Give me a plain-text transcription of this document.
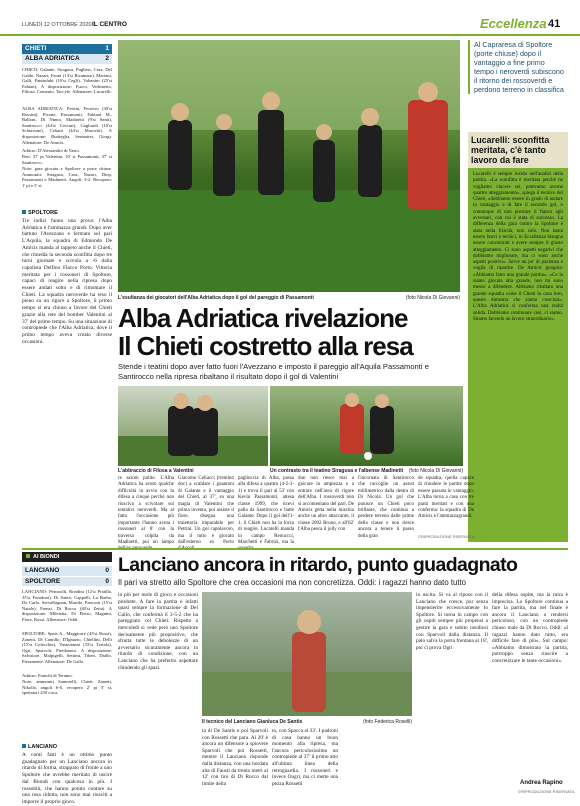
LUNEDÌ 12 OTTOBRE 2020 IL CENTRO	Eccellenza 41
CHIETI	1
ALBA ADRIATICA	2
CHIETI: Galante, Siragusa, Pugliesi, Cruz, Del Galdo, Nazari, Faoni (13'st Ricamato), Mariani, Galli, Fantinfabi (10'st Cegli), Valentini (25'st Fabian), A disposizione: Fusco, Vedrinetto, Filiosa, Comento, Taccyle. Allenatore: Lucarelli.
ALBA ADRIATICA: Petrini, Ferreiro (30'st Rossini), Picone, Passamonti, Fabiani M., Balloni, Di Ninno, Madinetti (9'st Santi), Santirocco (44'st Cescuti), Gagliardi (10'st Schiavone), Celiani (44'st Mascetti). A disposizione: Buttieglia, Sermattei, Giorgi. Allenatore: De Amicis.
Arbitro: D'Alessandro di Vasto.
Reti: 37' pt Valentini, 10' st Passamonti, 37' st Santirocco.
Note: gara giocata a Spoltore a porte chiuse. Ammoniti: Siragusa, Cruz, Nazari, Diop, Passamonti e Madinetti. Angoli: 3-2. Recupero: 1' pt e 5' st.
SPOLTORE
Tre indizi fanno una prova: l'Alba Adriatica è l'ammazza grandi. Dopo aver battuto l'Avezzano e fermato sul pari L'Aquila, la squadra di Edmondo De Amicis manda al tappeto anche il Chieti, che rimedia la seconda sconfitta dopo tre turni giornate e scivola a -6 dalla capolista Delfino Flacco Porto. Vittoria meritata per i rossoneri di Spoltore, capaci di reagire nella ripresa dopo essere andati sotto e di rimontare il Chieti. La squadra neroverde ha reso il pieno su un rigore a Spoltore, il primo tempo si era chiuso a favore del Chieti grazie alla rete del bomber Valentini al 37' del primo tempo. Su una situazione di contropiede che l'Alba Adriatica, dove il primo tempo aveva creato diverse occasioni.
L'esultanza dei giocatori dell'Alba Adriatica dopo il gol del pareggio di Passamonti	(foto Nicola Di Giovanni)
Al Capraresa di Spoltore (porte chiuse) dopo il vantaggio a fine primo tempo i neroverdi subiscono il ritorno dei rossoverdi e perdono terreno in classifica
Lucarelli: sconfitta meritata, c'è tanto lavoro da fare
Lucarelli è sempre lucido nell'analisi della partita. «La sconfitta è meritata perché ne vogliamo vincere sei, potevamo averne quattro atteggiamento», spiega il tecnico del Chieti, «dobbiamo essere in grado di andare in vantaggio e di fare il secondo gol, o comunque di non prestare il fianco agli avversari, con cui è stata di successo. La differenza della gara contro la Spoltore è stata nella fisicità, non solo. Non basta essere bravi e tecnici, in Eccellenza bisogna essere concentrati e avere sempre il giusto atteggiamento. Ci sono aspetti negativi che dobbiamo migliorare, ma ci sono anche aspetti positivi». Serve un po' di pazienza e voglia di ripartire. De Amicis gongola: «Abbiamo fatto una grande partita». «Ce la siamo giocata alla grande, non mi sono messo a difendere. Abbiamo ribaltato una grande squadra come il Chieti in casa loro, questo dimostra che siamo cresciuti». L'Alba Adriatica si conferma una realtà solida. Dobbiamo continuare così, ci siamo. Stiamo facendo un lavoro straordinario».
Alba Adriatica rivelazione
Il Chieti costretto alla resa
Stende i teatini dopo aver fatto fuori l'Avezzano e imposto il pareggio all'Aquila Passamonti e Santirocco nella ripresa ribaltano il risultato dopo il gol di Valentini
L'abbraccio di Filosa a Valentini	Un contrasto tra il teatino Siragusa e l'albense Madinetti (foto Nicola Di Giovanni)
re azioni pulite. L'Alba Adriatica ha avuto qualche difficoltà in avvio con la difesa a cinque perché non riusciva a scivolare sui tentativi neroverdi. Ma al fatto l'occasione più importante l'hanno avuta i rossoneri al 8' con la traversa colpita da Madinetti, poi un lampo
Giacomo Celiacci (trentino doc) a scaldare i guantoni di Galante e il vantaggio del Chieti, al 37', su una magia di Valentini che prima inventa, poi assiste il fiore, disegna una traiettoria imparabile per Petrini. Un gol capolavoro, ma il tutto è giocato dall'esterno ex Porto
pagliuccia di Alba, passa alla difesa a quattro (4-2-3-1) e trova il pari al 53' con Kevin Passamonti, attesa classe 1999, che ricevi palla da Santirocco e batte Galante. Dopo il gol dell'1-1, il Chieti non ha la forza di reagire. Lucarelli manda in campo Renuccci, Marchetti e Fabrizi, ma la
dun non riesce mai a giocare in ampiezza e a entrare nell'area di rigore dell'Alba. I rossoverdi non si accontentano del pari. De Amicis getta nella mischia anche un altro attaccante, il classe 2002 Bruno, e all'82' l'Alba pesca il jolly con
l'incornata di Santirocco che raccoglie un assist millimetrico dalla destra di Di Nicola. Un gol che punisce un Chieti poco brillante, che continua a perdere terreno dalle prime della classe e non riesce ancora a tenere il passo della gran
de squadra, quella capace di chiudere le partite dopo essere passata in vantaggio. L'Alba torna a casa con tre punti meritati e con una conferma: la squadra di De Amicis è l'ammazzagrandi.
©RIPRODUZIONE RISERVATA
AI BIONDI	Lanciano ancora in ritardo, punto guadagnato
Il pari va stretto allo Spoltore che crea occasioni ma non concretizza. Oddi: i ragazzi hanno dato tutto
LANCIANO	0
SPOLTORE	0
LANCIANO: Petrarolli, Rondini (12'st Pratilla, 35'st Furadoni), Di Santo, Cappelli, La Barba, De Carlo, Servalbignan, Martile, Pancosti (15'st Natale), Frenzi, Di Rocco (40'st Zetta). A disposizione: Mileietta, Di Pietro, Magnini, Fiore, Rossi. Allenatore: Oddi.
SPOLTORE: Spais A., Maggiorre (43'st Rossi), Zanetti, Di Camillo, D'Ignazio, Chiellini, Delli (15'st Colecchia), Vastroianni (33'st Tortola), Ogri, Sparvoli, Pierdonato. A disposizione: Salvatore, Malpigelli, Settimi, Tiberi, Diallo, Pieramente. Allenatore: De Gallo.
Arbitro: Franchi di Teramo.
Note: ammoniti Santorelli, Chieti, Zanetti, Nikolla, angoli 6-6, recupero 2' pt 3' st, spettatori 250 circa.
LANCIANO
A conti fatti è un ottimo punto guadagnato per un Lanciano ancora in ritardo di forma, strappato di fronte a uno Spoltore che avrebbe meritato di uscire dal Biondi con qualcosa in più. I rossoblù, che hanno potuto contare su una rosa ridotta, non sono mai riusciti a imporre il proprio gioco.
in più per mole di gioco e occasioni prodotte. A fare la partita è infatti quasi sempre la formazione di Del Gallo, che confermà il 3-5-2 che ha pareggiato col Chieti. Rispetto a mercoledì si vede però uno Spoltore decisamente più propositivo, che sfrutta tutte le debolezze di un avversario sicuramente ancora in ritardo di condizione, con un Lanciano che ha preferito aspettare chiudendo gli spazi.
Il tecnico del Lanciano Gianluca De Santis	(foto Federica Roselli)
ta di De Santis e poi Sparvoli con Rossetti che para. Al 20' è ancora un difensore a spiovere Sparvoli che poi Rossetti, mentre il Lanciano risponde dalla distanza, con una bordata alta di Fausti da trenta metri al 12' con tiro di Di Rocco dal limite della
to, con Spacca al 33'. I padroni di casa hanno un buon momento alla ripresa, ma l'ancora pericolosissimo un contropiede al 37' il primo atto all'ultima linea della retroguardia. I rossoneri e invece Ougri, ma ci mette una pezza Rossetti
in uscita. Si va al riposo con il Lanciano che cresce, pur senza impensierire eccessivamente lo Spoltore. Si torna in campo con gli ospiti sempre più propensi a gestire la gara e subito insidiosi con Sparvoli dalla distanza. Il palo salva la porta frentana al 18', poi ci prova Ogri
della difesa ospite, ma la mira è imprecisa. Lo Spoltore continua a fare la partita, ma nel finale è ancora il Lanciano a rendersi pericoloso, con un contropiede chiuso male da Di Rocco. Oddi: «I ragazzi hanno dato tutto, era difficile fare di più». Sul campo: «Abbiamo dimostrato la partita, purtroppo senza riuscire a concretizzare le tante occasioni».
Andrea Rapino
©RIPRODUZIONE RISERVATA
